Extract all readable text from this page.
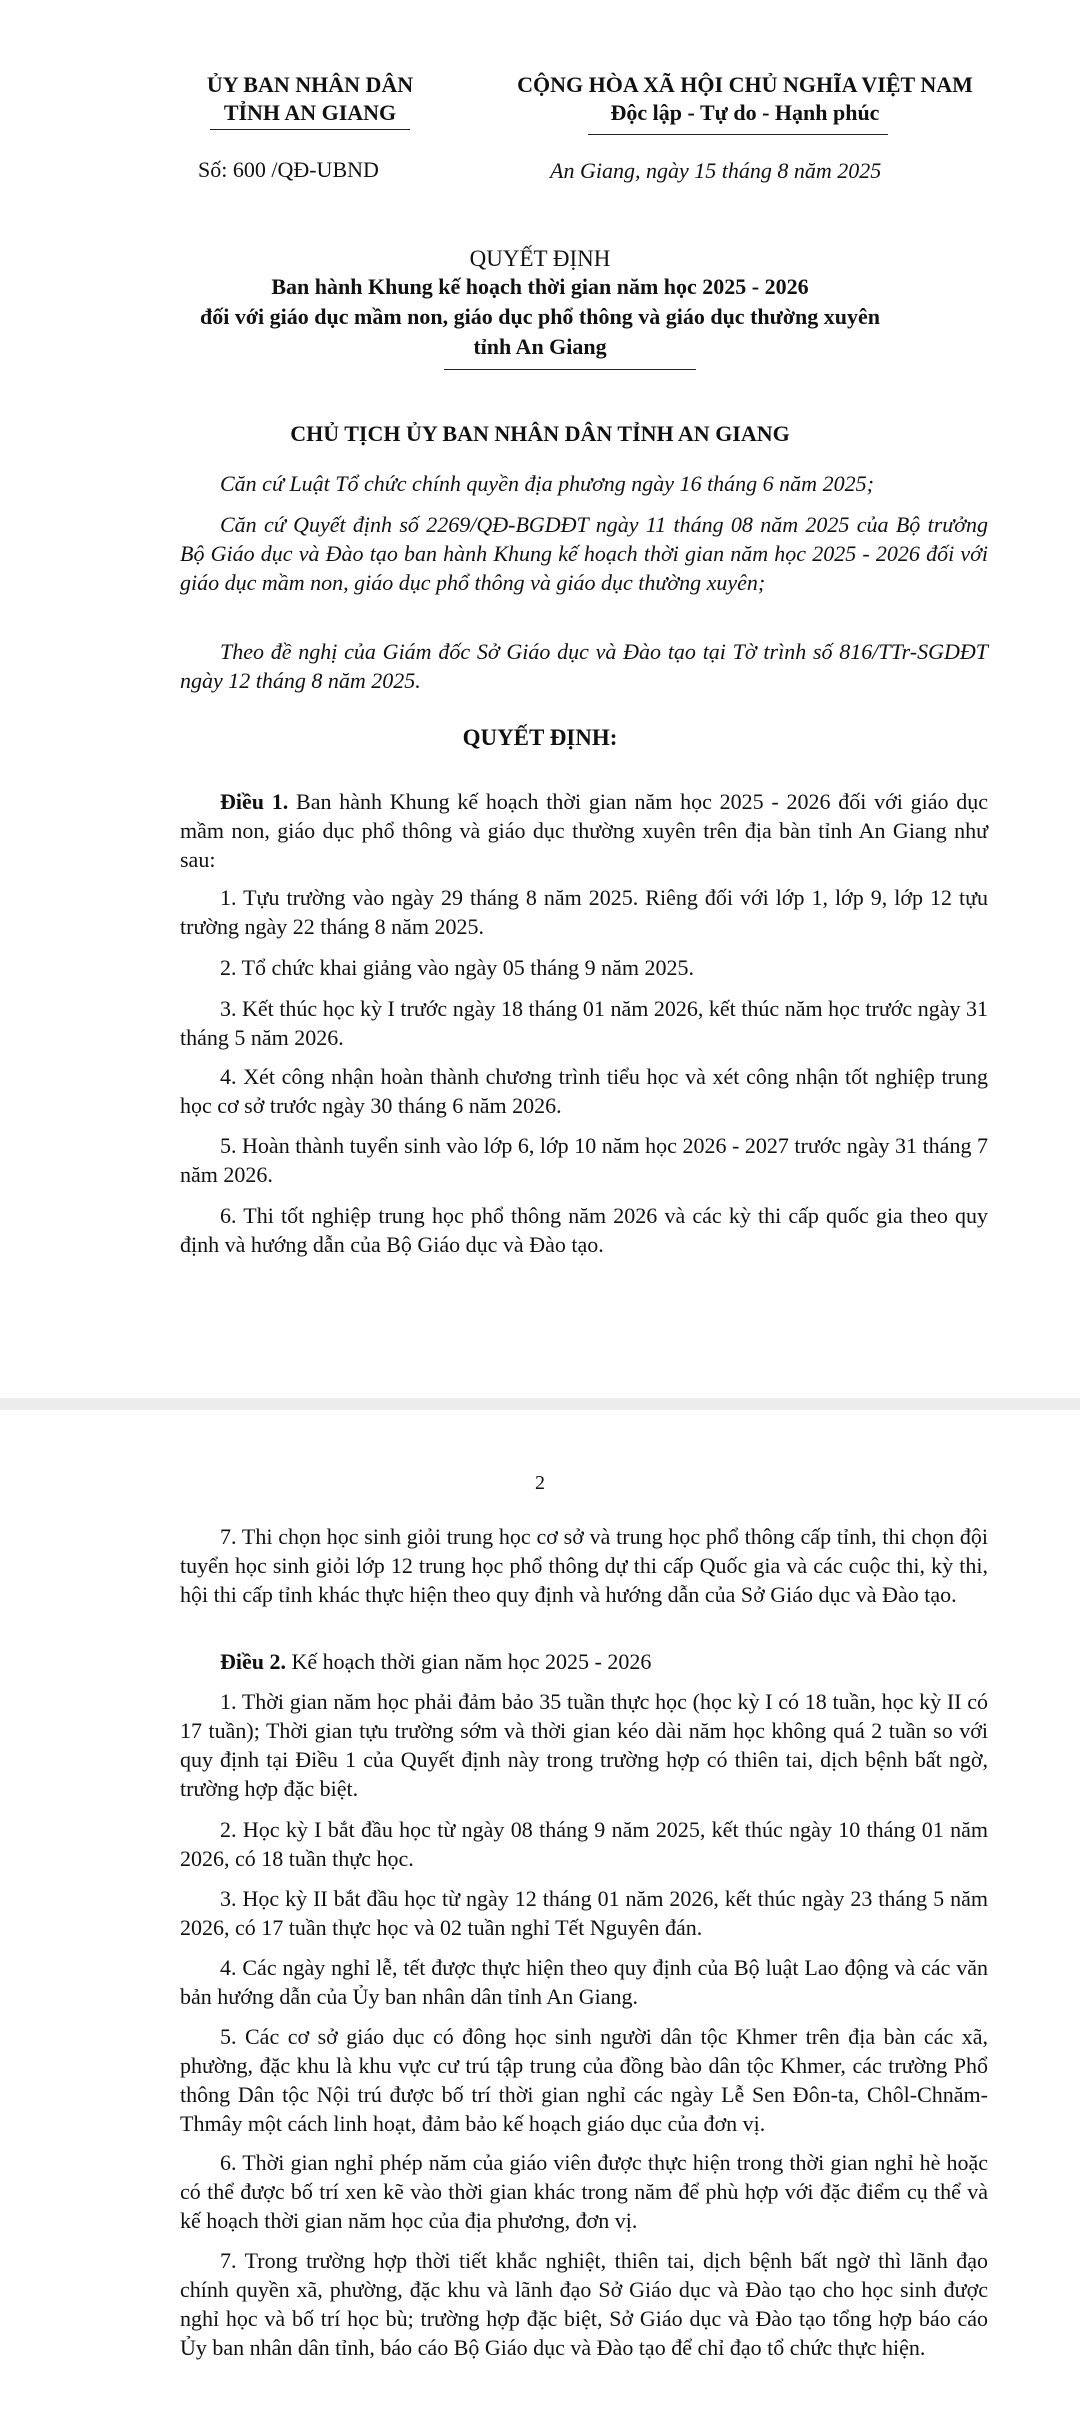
ỦY BAN NHÂN DÂN
TỈNH AN GIANG
CỘNG HÒA XÃ HỘI CHỦ NGHĨA VIỆT NAM
Độc lập - Tự do - Hạnh phúc
Số: 600 /QĐ-UBND	An Giang, ngày 15 tháng 8 năm 2025
QUYẾT ĐỊNH
Ban hành Khung kế hoạch thời gian năm học 2025 - 2026
đối với giáo dục mầm non, giáo dục phổ thông và giáo dục thường xuyên
tỉnh An Giang
CHỦ TỊCH ỦY BAN NHÂN DÂN TỈNH AN GIANG
Căn cứ Luật Tổ chức chính quyền địa phương ngày 16 tháng 6 năm 2025;
Căn cứ Quyết định số 2269/QĐ-BGDĐT ngày 11 tháng 08 năm 2025 của Bộ trưởng Bộ Giáo dục và Đào tạo ban hành Khung kế hoạch thời gian năm học 2025 - 2026 đối với giáo dục mầm non, giáo dục phổ thông và giáo dục thường xuyên;
Theo đề nghị của Giám đốc Sở Giáo dục và Đào tạo tại Tờ trình số 816/TTr-SGDĐT ngày 12 tháng 8 năm 2025.
QUYẾT ĐỊNH:
Điều 1. Ban hành Khung kế hoạch thời gian năm học 2025 - 2026 đối với giáo dục mầm non, giáo dục phổ thông và giáo dục thường xuyên trên địa bàn tỉnh An Giang như sau:
1. Tựu trường vào ngày 29 tháng 8 năm 2025. Riêng đối với lớp 1, lớp 9, lớp 12 tựu trường ngày 22 tháng 8 năm 2025.
2. Tổ chức khai giảng vào ngày 05 tháng 9 năm 2025.
3. Kết thúc học kỳ I trước ngày 18 tháng 01 năm 2026, kết thúc năm học trước ngày 31 tháng 5 năm 2026.
4. Xét công nhận hoàn thành chương trình tiểu học và xét công nhận tốt nghiệp trung học cơ sở trước ngày 30 tháng 6 năm 2026.
5. Hoàn thành tuyển sinh vào lớp 6, lớp 10 năm học 2026 - 2027 trước ngày 31 tháng 7 năm 2026.
6. Thi tốt nghiệp trung học phổ thông năm 2026 và các kỳ thi cấp quốc gia theo quy định và hướng dẫn của Bộ Giáo dục và Đào tạo.
2
7. Thi chọn học sinh giỏi trung học cơ sở và trung học phổ thông cấp tỉnh, thi chọn đội tuyển học sinh giỏi lớp 12 trung học phổ thông dự thi cấp Quốc gia và các cuộc thi, kỳ thi, hội thi cấp tỉnh khác thực hiện theo quy định và hướng dẫn của Sở Giáo dục và Đào tạo.
Điều 2. Kế hoạch thời gian năm học 2025 - 2026
1. Thời gian năm học phải đảm bảo 35 tuần thực học (học kỳ I có 18 tuần, học kỳ II có 17 tuần); Thời gian tựu trường sớm và thời gian kéo dài năm học không quá 2 tuần so với quy định tại Điều 1 của Quyết định này trong trường hợp có thiên tai, dịch bệnh bất ngờ, trường hợp đặc biệt.
2. Học kỳ I bắt đầu học từ ngày 08 tháng 9 năm 2025, kết thúc ngày 10 tháng 01 năm 2026, có 18 tuần thực học.
3. Học kỳ II bắt đầu học từ ngày 12 tháng 01 năm 2026, kết thúc ngày 23 tháng 5 năm 2026, có 17 tuần thực học và 02 tuần nghỉ Tết Nguyên đán.
4. Các ngày nghỉ lễ, tết được thực hiện theo quy định của Bộ luật Lao động và các văn bản hướng dẫn của Ủy ban nhân dân tỉnh An Giang.
5. Các cơ sở giáo dục có đông học sinh người dân tộc Khmer trên địa bàn các xã, phường, đặc khu là khu vực cư trú tập trung của đồng bào dân tộc Khmer, các trường Phổ thông Dân tộc Nội trú được bố trí thời gian nghỉ các ngày Lễ Sen Đôn-ta, Chôl-Chnăm-Thmây một cách linh hoạt, đảm bảo kế hoạch giáo dục của đơn vị.
6. Thời gian nghỉ phép năm của giáo viên được thực hiện trong thời gian nghỉ hè hoặc có thể được bố trí xen kẽ vào thời gian khác trong năm để phù hợp với đặc điểm cụ thể và kế hoạch thời gian năm học của địa phương, đơn vị.
7. Trong trường hợp thời tiết khắc nghiệt, thiên tai, dịch bệnh bất ngờ thì lãnh đạo chính quyền xã, phường, đặc khu và lãnh đạo Sở Giáo dục và Đào tạo cho học sinh được nghỉ học và bố trí học bù; trường hợp đặc biệt, Sở Giáo dục và Đào tạo tổng hợp báo cáo Ủy ban nhân dân tỉnh, báo cáo Bộ Giáo dục và Đào tạo để chỉ đạo tổ chức thực hiện.
